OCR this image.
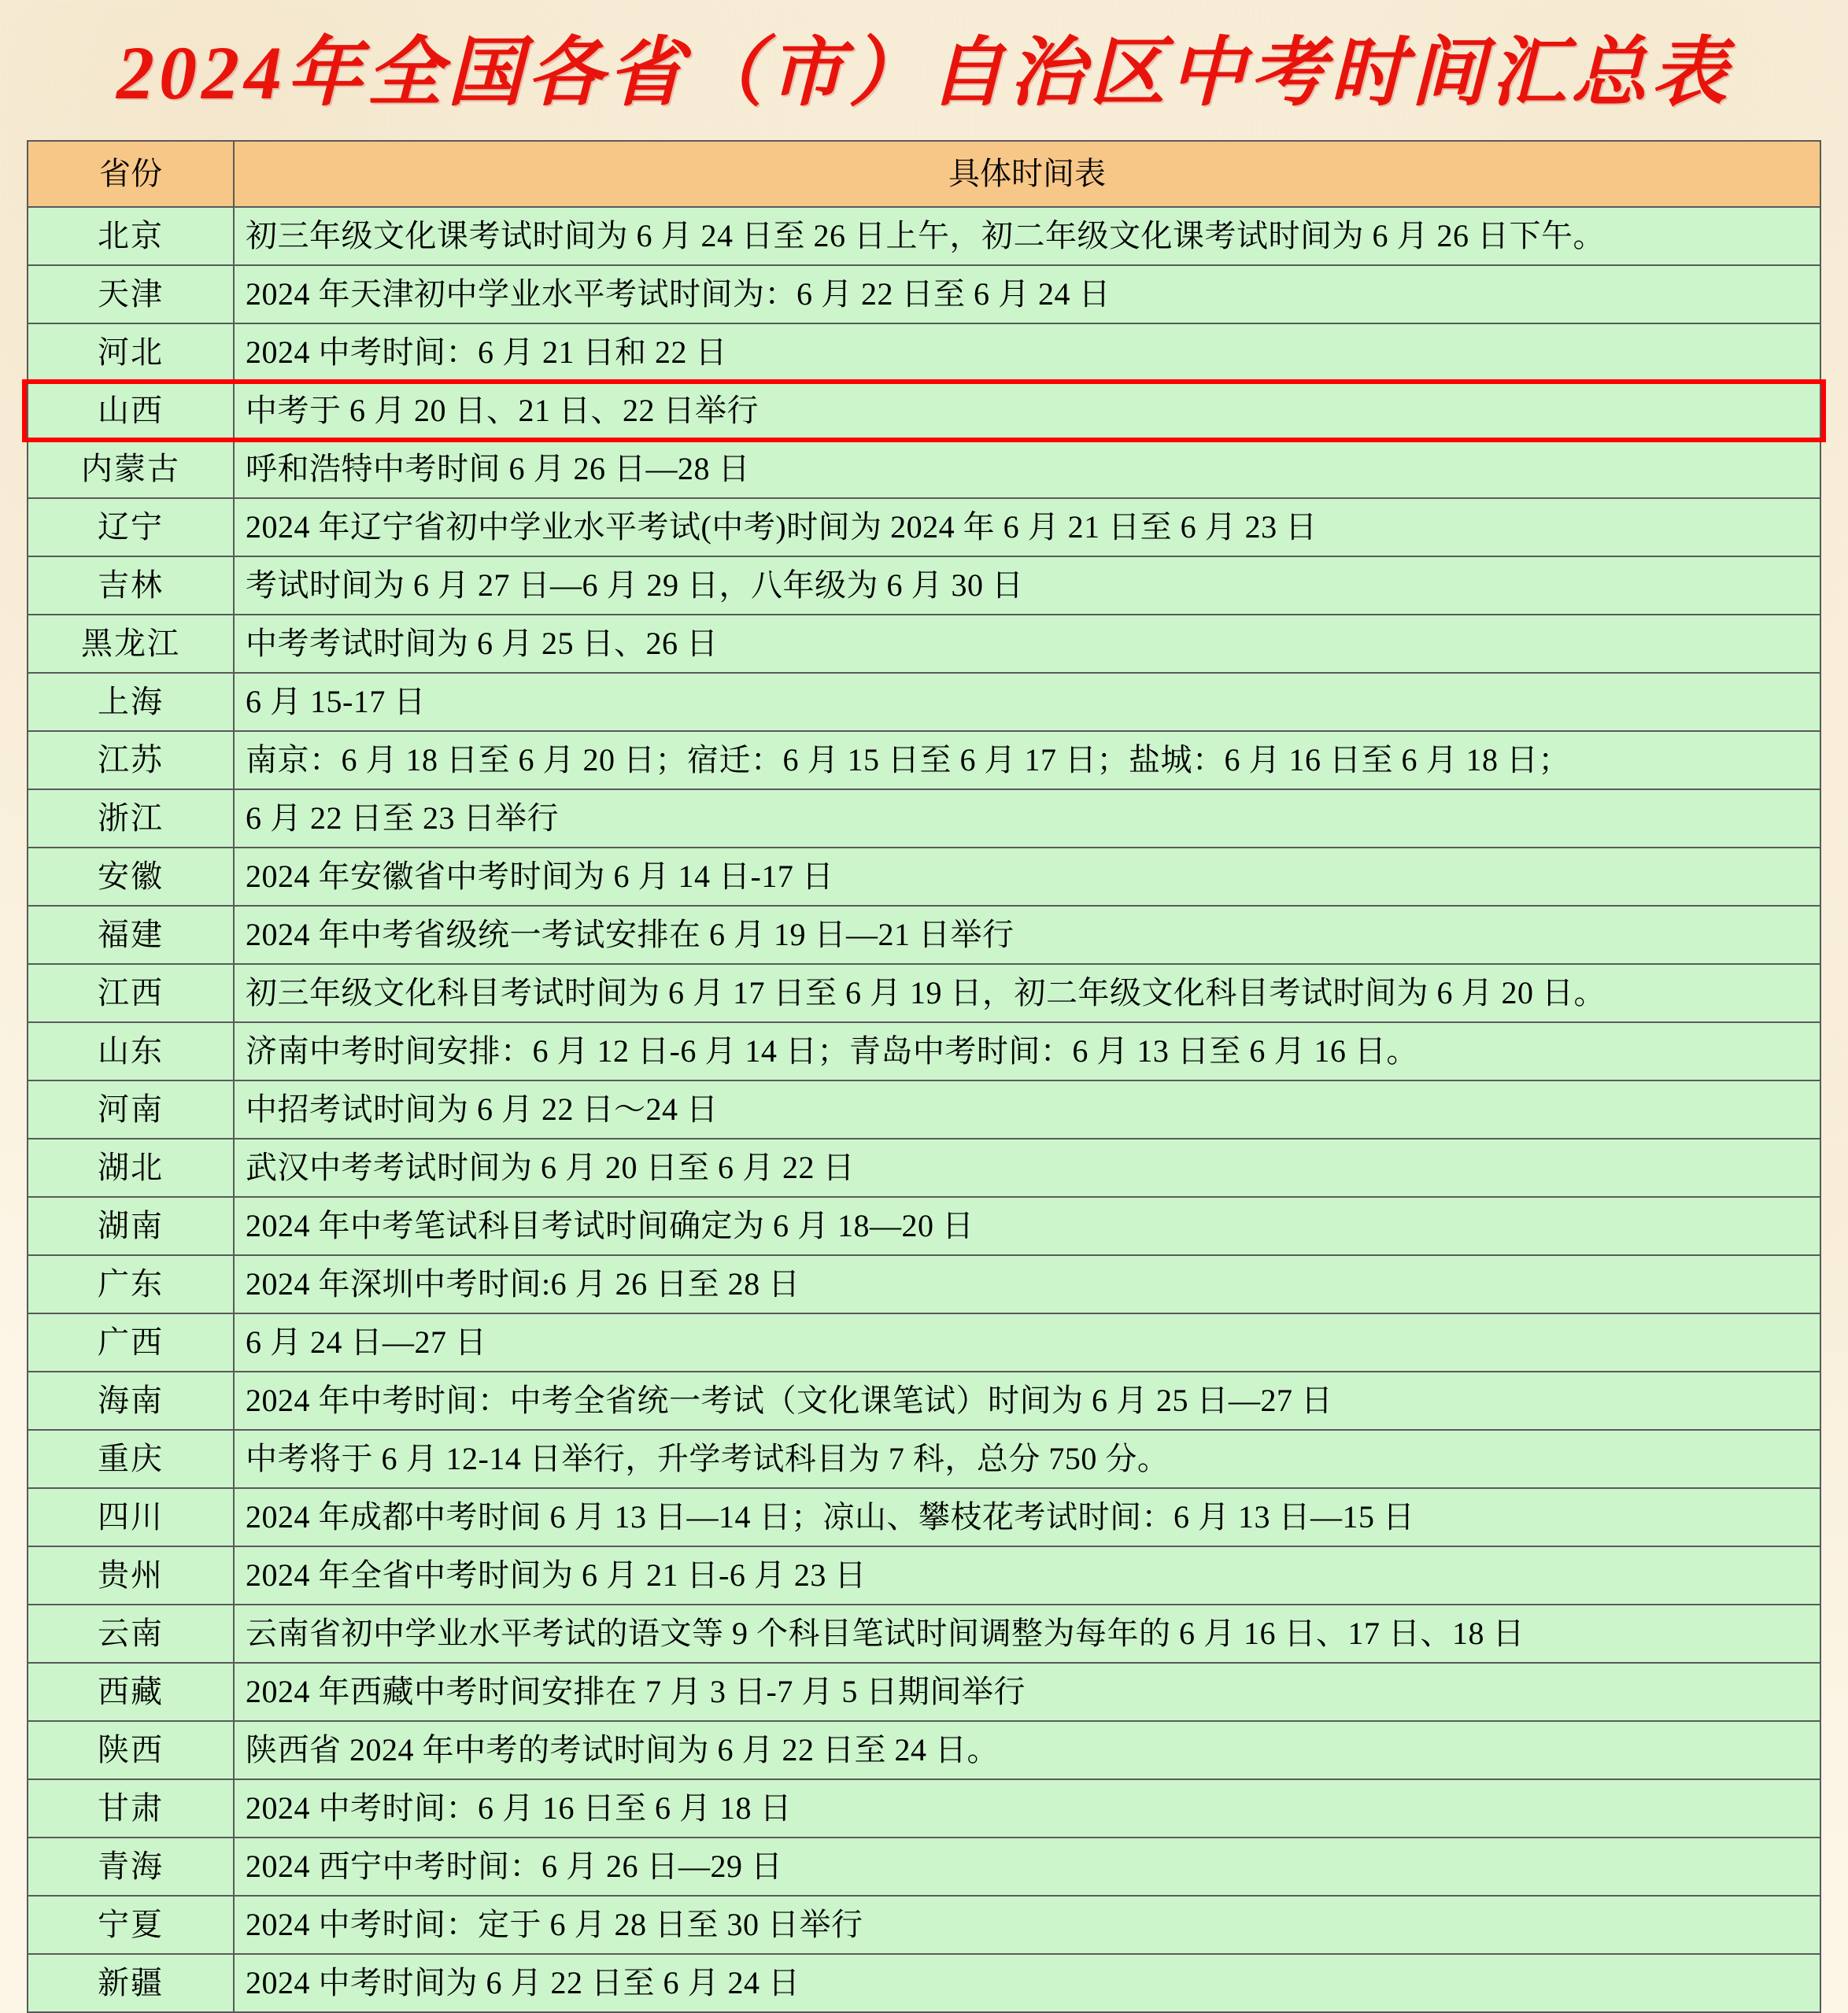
2024年全国各省（市）自治区中考时间汇总表
省份	具体时间表
北京	初三年级文化课考试时间为 6 月 24 日至 26 日上午，初二年级文化课考试时间为 6 月 26 日下午。
天津	2024 年天津初中学业水平考试时间为：6 月 22 日至 6 月 24 日
河北	2024 中考时间：6 月 21 日和 22 日
山西	中考于 6 月 20 日、21 日、22 日举行
内蒙古	呼和浩特中考时间 6 月 26 日—28 日
辽宁	2024 年辽宁省初中学业水平考试(中考)时间为 2024 年 6 月 21 日至 6 月 23 日
吉林	考试时间为 6 月 27 日—6 月 29 日，八年级为 6 月 30 日
黑龙江	中考考试时间为 6 月 25 日、26 日
上海	6 月 15-17 日
江苏	南京：6 月 18 日至 6 月 20 日；宿迁：6 月 15 日至 6 月 17 日；盐城：6 月 16 日至 6 月 18 日；
浙江	6 月 22 日至 23 日举行
安徽	2024 年安徽省中考时间为 6 月 14 日-17 日
福建	2024 年中考省级统一考试安排在 6 月 19 日—21 日举行
江西	初三年级文化科目考试时间为 6 月 17 日至 6 月 19 日，初二年级文化科目考试时间为 6 月 20 日。
山东	济南中考时间安排：6 月 12 日-6 月 14 日；青岛中考时间：6 月 13 日至 6 月 16 日。
河南	中招考试时间为 6 月 22 日～24 日
湖北	武汉中考考试时间为 6 月 20 日至 6 月 22 日
湖南	2024 年中考笔试科目考试时间确定为 6 月 18—20 日
广东	2024 年深圳中考时间:6 月 26 日至 28 日
广西	6 月 24 日—27 日
海南	2024 年中考时间：中考全省统一考试（文化课笔试）时间为 6 月 25 日—27 日
重庆	中考将于 6 月 12-14 日举行，升学考试科目为 7 科，总分 750 分。
四川	2024 年成都中考时间 6 月 13 日—14 日；凉山、攀枝花考试时间：6 月 13 日—15 日
贵州	2024 年全省中考时间为 6 月 21 日-6 月 23 日
云南	云南省初中学业水平考试的语文等 9 个科目笔试时间调整为每年的 6 月 16 日、17 日、18 日
西藏	2024 年西藏中考时间安排在 7 月 3 日-7 月 5 日期间举行
陕西	陕西省 2024 年中考的考试时间为 6 月 22 日至 24 日。
甘肃	2024 中考时间：6 月 16 日至 6 月 18 日
青海	2024 西宁中考时间：6 月 26 日—29 日
宁夏	2024 中考时间：定于 6 月 28 日至 30 日举行
新疆	2024 中考时间为 6 月 22 日至 6 月 24 日
